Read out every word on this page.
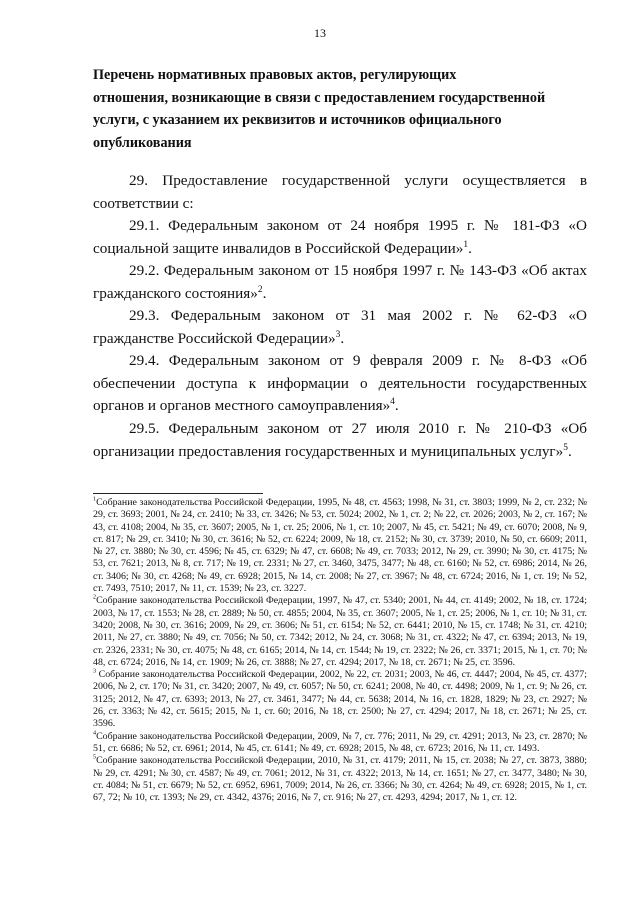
13
Перечень нормативных правовых актов, регулирующих
отношения, возникающие в связи с предоставлением государственной
услуги, с указанием их реквизитов и источников официального
опубликования

29. Предоставление государственной услуги осуществляется в соответствии с:

29.1. Федеральным законом от 24 ноября 1995 г. № 181-ФЗ «О социальной защите инвалидов в Российской Федерации»$^1$.

29.2. Федеральным законом от 15 ноября 1997 г. № 143-ФЗ «Об актах гражданского состояния»$^2$.

29.3. Федеральным законом от 31 мая 2002 г. № 62-ФЗ «О гражданстве Российской Федерации»$^3$.

29.4. Федеральным законом от 9 февраля 2009 г. № 8-ФЗ «Об обеспечении доступа к информации о деятельности государственных органов и органов местного самоуправления»$^4$.

29.5. Федеральным законом от 27 июля 2010 г. № 210-ФЗ «Об организации предоставления государственных и муниципальных услуг»$^5$.

$^1$Собрание законодательства Российской Федерации, 1995, № 48, ст. 4563; 1998, № 31, ст. 3803; 1999, № 2, ст. 232; № 29, ст. 3693; 2001, № 24, ст. 2410; № 33, ст. 3426; № 53, ст. 5024; 2002, № 1, ст. 2; № 22, ст. 2026; 2003, № 2, ст. 167; № 43, ст. 4108; 2004, № 35, ст. 3607; 2005, № 1, ст. 25; 2006, № 1, ст. 10; 2007, № 45, ст. 5421; № 49, ст. 6070; 2008, № 9, ст. 817; № 29, ст. 3410; № 30, ст. 3616; № 52, ст. 6224; 2009, № 18, ст. 2152; № 30, ст. 3739; 2010, № 50, ст. 6609; 2011, № 27, ст. 3880; № 30, ст. 4596; № 45, ст. 6329; № 47, ст. 6608; № 49, ст. 7033; 2012, № 29, ст. 3990; № 30, ст. 4175; № 53, ст. 7621; 2013, № 8, ст. 717; № 19, ст. 2331; № 27, ст. 3460, 3475, 3477; № 48, ст. 6160; № 52, ст. 6986; 2014, № 26, ст. 3406; № 30, ст. 4268; № 49, ст. 6928; 2015, № 14, ст. 2008; № 27, ст. 3967; № 48, ст. 6724; 2016, № 1, ст. 19; № 52, ст. 7493, 7510; 2017, № 11, ст. 1539; № 23, ст. 3227.

$^2$Собрание законодательства Российской Федерации, 1997, № 47, ст. 5340; 2001, № 44, ст. 4149; 2002, № 18, ст. 1724; 2003, № 17, ст. 1553; № 28, ст. 2889; № 50, ст. 4855; 2004, № 35, ст. 3607; 2005, № 1, ст. 25; 2006, № 1, ст. 10; № 31, ст. 3420; 2008, № 30, ст. 3616; 2009, № 29, ст. 3606; № 51, ст. 6154; № 52, ст. 6441; 2010, № 15, ст. 1748; № 31, ст. 4210; 2011, № 27, ст. 3880; № 49, ст. 7056; № 50, ст. 7342; 2012, № 24, ст. 3068; № 31, ст. 4322; № 47, ст. 6394; 2013, № 19, ст. 2326, 2331; № 30, ст. 4075; № 48, ст. 6165; 2014, № 14, ст. 1544; № 19, ст. 2322; № 26, ст. 3371; 2015, № 1, ст. 70; № 48, ст. 6724; 2016, № 14, ст. 1909; № 26, ст. 3888; № 27, ст. 4294; 2017, № 18, ст. 2671; № 25, ст. 3596.

$^3$ Собрание законодательства Российской Федерации, 2002, № 22, ст. 2031; 2003, № 46, ст. 4447; 2004, № 45, ст. 4377; 2006, № 2, ст. 170; № 31, ст. 3420; 2007, № 49, ст. 6057; № 50, ст. 6241; 2008, № 40, ст. 4498; 2009, № 1, ст. 9; № 26, ст. 3125; 2012, № 47, ст. 6393; 2013, № 27, ст. 3461, 3477; № 44, ст. 5638; 2014, № 16, ст. 1828, 1829; № 23, ст. 2927; № 26, ст. 3363; № 42, ст. 5615; 2015, № 1, ст. 60; 2016, № 18, ст. 2500; № 27, ст. 4294; 2017, № 18, ст. 2671; № 25, ст. 3596.

$^4$Собрание законодательства Российской Федерации, 2009, № 7, ст. 776; 2011, № 29, ст. 4291; 2013, № 23, ст. 2870; № 51, ст. 6686; № 52, ст. 6961; 2014, № 45, ст. 6141; № 49, ст. 6928; 2015, № 48, ст. 6723; 2016, № 11, ст. 1493.

$^5$Собрание законодательства Российской Федерации, 2010, № 31, ст. 4179; 2011, № 15, ст. 2038; № 27, ст. 3873, 3880; № 29, ст. 4291; № 30, ст. 4587; № 49, ст. 7061; 2012, № 31, ст. 4322; 2013, № 14, ст. 1651; № 27, ст. 3477, 3480; № 30, ст. 4084; № 51, ст. 6679; № 52, ст. 6952, 6961, 7009; 2014, № 26, ст. 3366; № 30, ст. 4264; № 49, ст. 6928; 2015, № 1, ст. 67, 72; № 10, ст. 1393; № 29, ст. 4342, 4376; 2016, № 7, ст. 916; № 27, ст. 4293, 4294; 2017, № 1, ст. 12.
